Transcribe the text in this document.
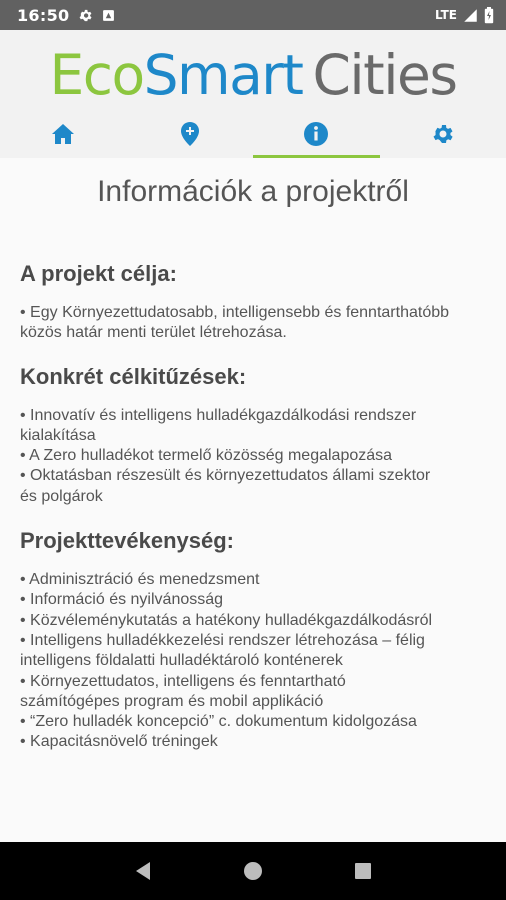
16:50	LTE
EcoSmart Cities
Információk a projektről
A projekt célja:
• Egy Környezettudatosabb, intelligensebb és fenntarthatóbb
közös határ menti terület létrehozása.
Konkrét célkitűzések:
• Innovatív és intelligens hulladékgazdálkodási rendszer
kialakítása
• A Zero hulladékot termelő közösség megalapozása
• Oktatásban részesült és környezettudatos állami szektor
és polgárok
Projekttevékenység:
• Adminisztráció és menedzsment
• Információ és nyilvánosság
• Közvéleménykutatás a hatékony hulladékgazdálkodásról
• Intelligens hulladékkezelési rendszer létrehozása – félig
intelligens földalatti hulladéktároló konténerek
• Környezettudatos, intelligens és fenntartható
számítógépes program és mobil applikáció
• “Zero hulladék koncepció” c. dokumentum kidolgozása
• Kapacitásnövelő tréningek
